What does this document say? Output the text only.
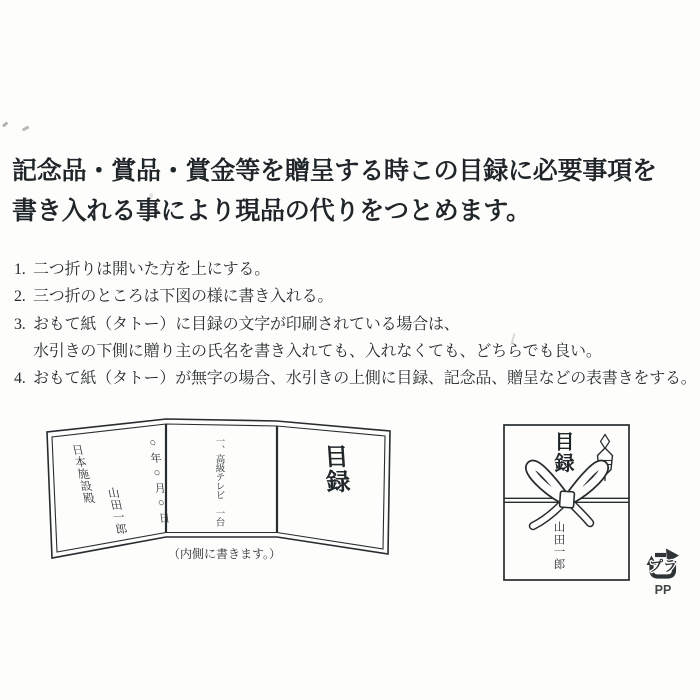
記念品・賞品・賞金等を贈呈する時この目録に必要事項を
書き入れる事により現品の代りをつとめます。
1. 二つ折りは開いた方を上にする。
2. 三つ折のところは下図の様に書き入れる。
3. おもて紙（タトー）に目録の文字が印刷されている場合は、
水引きの下側に贈り主の氏名を書き入れても、入れなくても、どちらでも良い。
4. おもて紙（タトー）が無字の場合、水引きの上側に目録、記念品、贈呈などの表書きをする。
日本施設殿	○年○月○日
山田一郎	一、高級テレビ　一台	目録
（内側に書きます。）
プラ
PP
目録
山田一郎
